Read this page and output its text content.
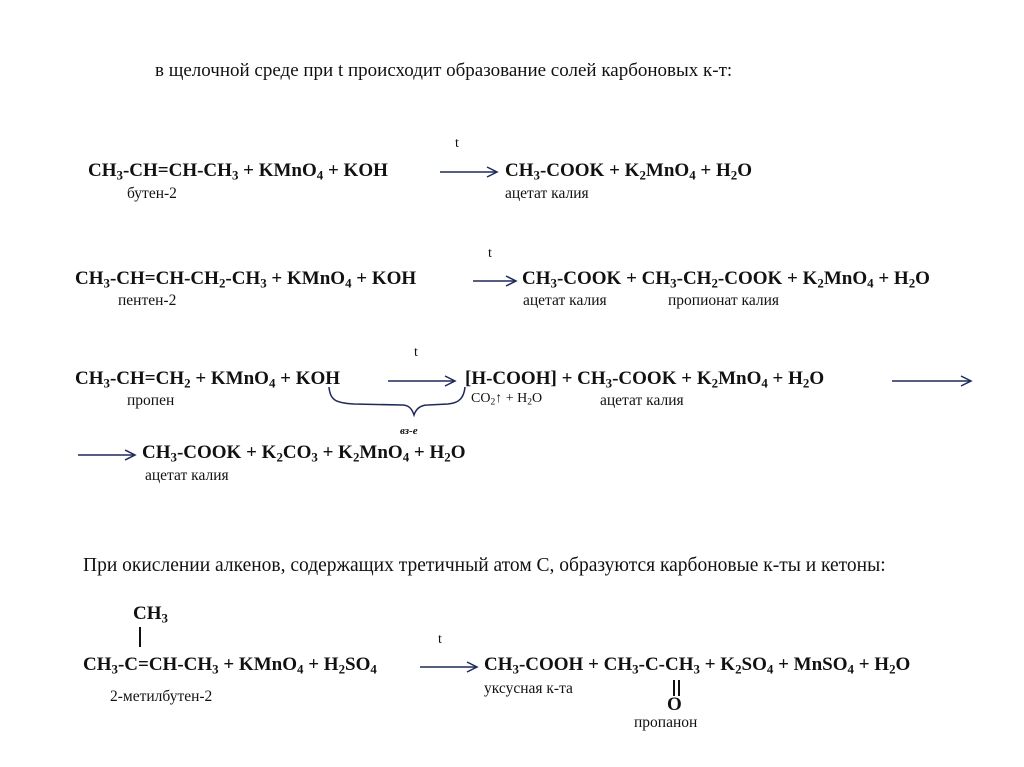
в щелочной среде при t происходит образование солей карбоновых к-т:
$CH_3-CH=CH-CH_3$ + KMnO$_4$ + KOH
t
$CH_3$-COOK + $K_2MnO_4 + H_2O$
бутен-2	ацетат калия
$CH_3-CH=CH-CH_2-CH_3$ + KMnO$_4$ + KOH
t
$CH_3$-COOK + $CH_3-CH_2$-COOK + $K_2MnO_4 + H_2O$
пентен-2	ацетат калия	пропионат калия
$CH_3-CH=CH_2$ + KMnO$_4$ + KOH
t
[H-COOH] + $CH_3$-COOK + $K_2MnO_4 + H_2O$
пропен	$CO_2↑ + H_2O$	ацетат калия
вз-е
$CH_3$-COOK + $K_2CO_3 + K_2MnO_4 + H_2O$
ацетат калия
При окислении алкенов, содержащих третичный атом С, образуются карбоновые к-ты и кетоны:
$CH_3$
$CH_3-C=CH-CH_3$ + KMnO$_4$ + $H_2SO_4$
t
$CH_3$-COOH + $CH_3-C-CH_3 + K_2SO_4$ + MnSO$_4$ + $H_2O$
2-метилбутен-2	уксусная к-та
O
пропанон
